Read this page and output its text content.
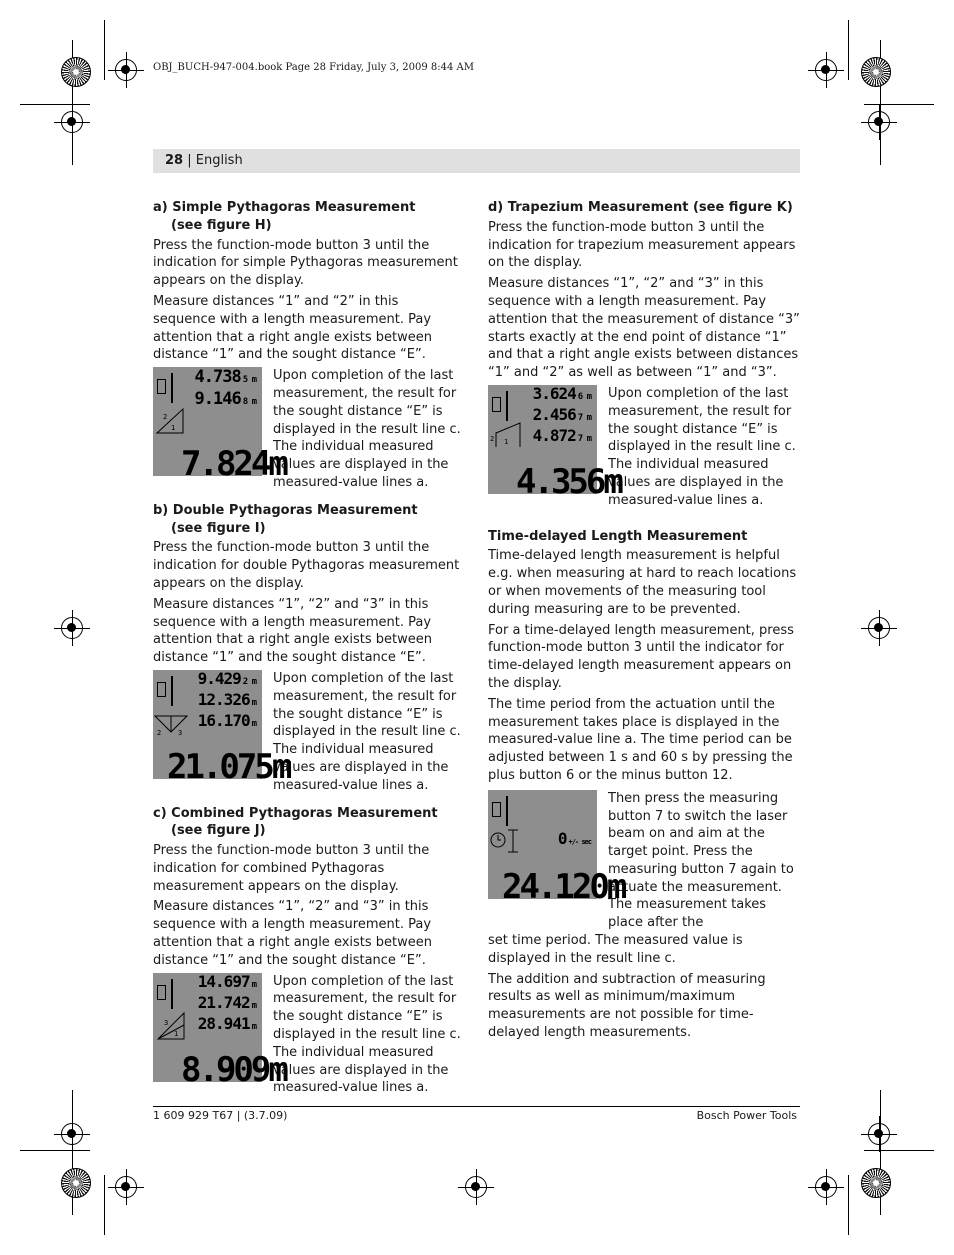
OBJ_BUCH-947-004.book Page 28 Friday, July 3, 2009 8:44 AM
28 | English
a) Simple Pythagoras Measurement
(see figure H)

Press the function-mode button 3 until the indication for simple Pythagoras measurement appears on the display.

Measure distances “1” and “2” in this sequence with a length measurement. Pay attention that a right angle exists between distance “1” and the sought distance “E”.

4.738 5 m
9.146 8 m
2
1
7.824m
Upon completion of the last measurement, the result for the sought distance “E” is displayed in the result line c. The individual measured values are displayed in the measured-value lines a.
b) Double Pythagoras Measurement
(see figure I)

Press the function-mode button 3 until the indication for double Pythagoras measurement appears on the display.

Measure distances “1”, “2” and “3” in this sequence with a length measurement. Pay attention that a right angle exists between distance “1” and the sought distance “E”.

9.429 2 m
12.326 m
16.170 m
2 3
21.075m
Upon completion of the last measurement, the result for the sought distance “E” is displayed in the result line c. The individual measured values are displayed in the measured-value lines a.
c) Combined Pythagoras Measurement
(see figure J)

Press the function-mode button 3 until the indication for combined Pythagoras measurement appears on the display.

Measure distances “1”, “2” and “3” in this sequence with a length measurement. Pay attention that a right angle exists between distance “1” and the sought distance “E”.

14.697 m
21.742 m
28.941 m
3
1
8.909m
Upon completion of the last measurement, the result for the sought distance “E” is displayed in the result line c. The individual measured values are displayed in the measured-value lines a.
d) Trapezium Measurement (see figure K)

Press the function-mode button 3 until the indication for trapezium measurement appears on the display.

Measure distances “1”, “2” and “3” in this sequence with a length measurement. Pay attention that the measurement of distance “3” starts exactly at the end point of distance “1” and that a right angle exists between distances “1” and “2” as well as between “1” and “3”.

3.624 6 m
2.456 7 m
4.872 7 m
2 1
4.356m
Upon completion of the last measurement, the result for the sought distance “E” is displayed in the result line c. The individual measured values are displayed in the measured-value lines a.
Time-delayed Length Measurement

Time-delayed length measurement is helpful e.g. when measuring at hard to reach locations or when movements of the measuring tool during measuring are to be prevented.

For a time-delayed length measurement, press function-mode button 3 until the indicator for time-delayed length measurement appears on the display.

The time period from the actuation until the measurement takes place is displayed in the measured-value line a. The time period can be adjusted between 1 s and 60 s by pressing the plus button 6 or the minus button 12.

0 +/- sec
24.120m
Then press the measuring button 7 to switch the laser beam on and aim at the target point. Press the measuring button 7 again to actuate the measurement. The measurement takes place after the

set time period. The measured value is displayed in the result line c.

The addition and subtraction of measuring results as well as minimum/maximum measurements are not possible for time-delayed length measurements.

1 609 929 T67 | (3.7.09)	Bosch Power Tools
